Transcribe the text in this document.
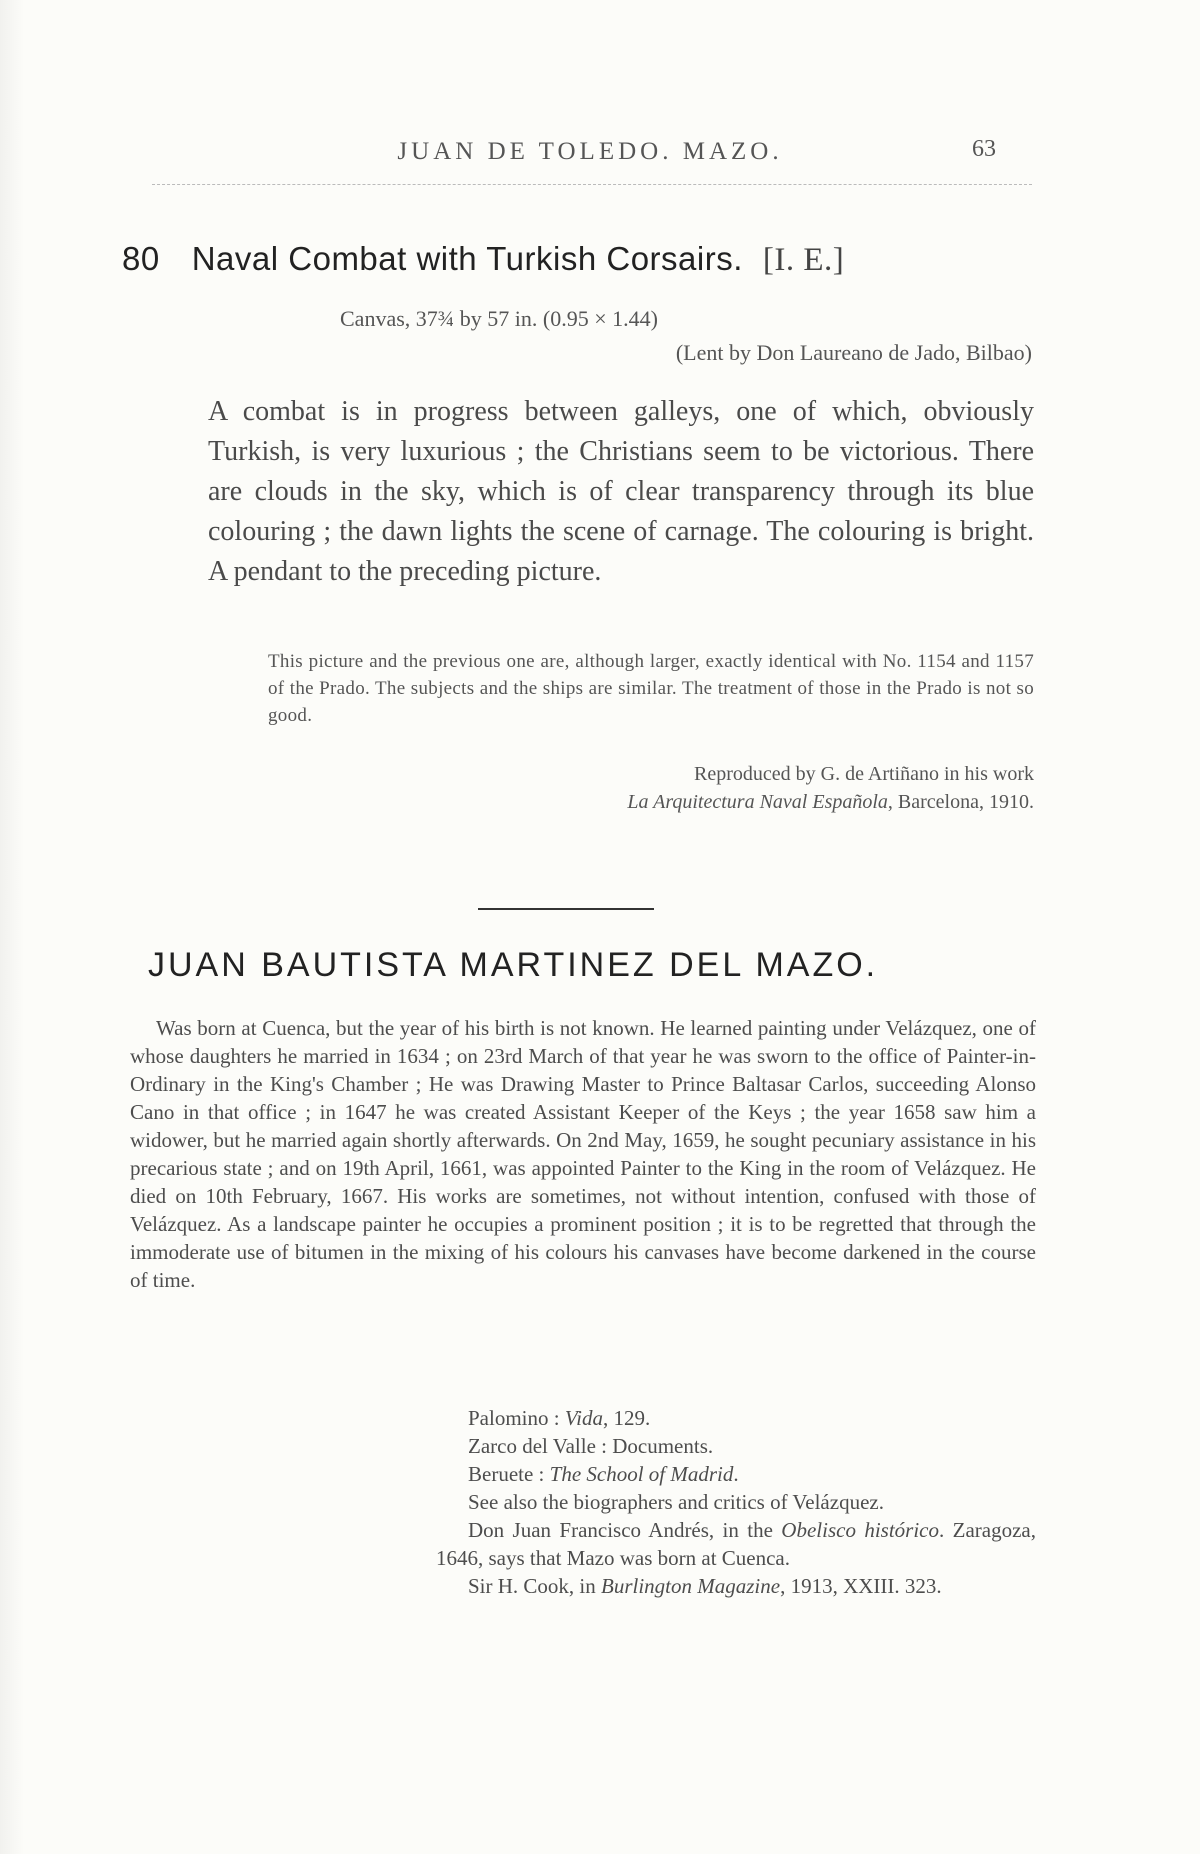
JUAN DE TOLEDO. MAZO.	63
80 Naval Combat with Turkish Corsairs. [I. E.]
Canvas, 37¾ by 57 in. (0.95 × 1.44)
(Lent by Don Laureano de Jado, Bilbao)

A combat is in progress between galleys, one of which, obviously Turkish, is very luxurious ; the Christians seem to be victorious. There are clouds in the sky, which is of clear transparency through its blue colouring ; the dawn lights the scene of carnage. The colouring is bright. A pendant to the preceding picture.

This picture and the previous one are, although larger, exactly identical with No. 1154 and 1157 of the Prado. The subjects and the ships are similar. The treatment of those in the Prado is not so good.

Reproduced by G. de Artiñano in his work
La Arquitectura Naval Española, Barcelona, 1910.
JUAN BAUTISTA MARTINEZ DEL MAZO.

Was born at Cuenca, but the year of his birth is not known. He learned painting under Velázquez, one of whose daughters he married in 1634 ; on 23rd March of that year he was sworn to the office of Painter-in-Ordinary in the King's Chamber ; He was Drawing Master to Prince Baltasar Carlos, succeeding Alonso Cano in that office ; in 1647 he was created Assistant Keeper of the Keys ; the year 1658 saw him a widower, but he married again shortly afterwards. On 2nd May, 1659, he sought pecuniary assistance in his precarious state ; and on 19th April, 1661, was appointed Painter to the King in the room of Velázquez. He died on 10th February, 1667. His works are sometimes, not without intention, confused with those of Velázquez. As a landscape painter he occupies a prominent position ; it is to be regretted that through the immoderate use of bitumen in the mixing of his colours his canvases have become darkened in the course of time.

Palomino : Vida, 129.

Zarco del Valle : Documents.

Beruete : The School of Madrid.

See also the biographers and critics of Velázquez.

Don Juan Francisco Andrés, in the Obelisco histórico. Zaragoza, 1646, says that Mazo was born at Cuenca.

Sir H. Cook, in Burlington Magazine, 1913, XXIII. 323.
